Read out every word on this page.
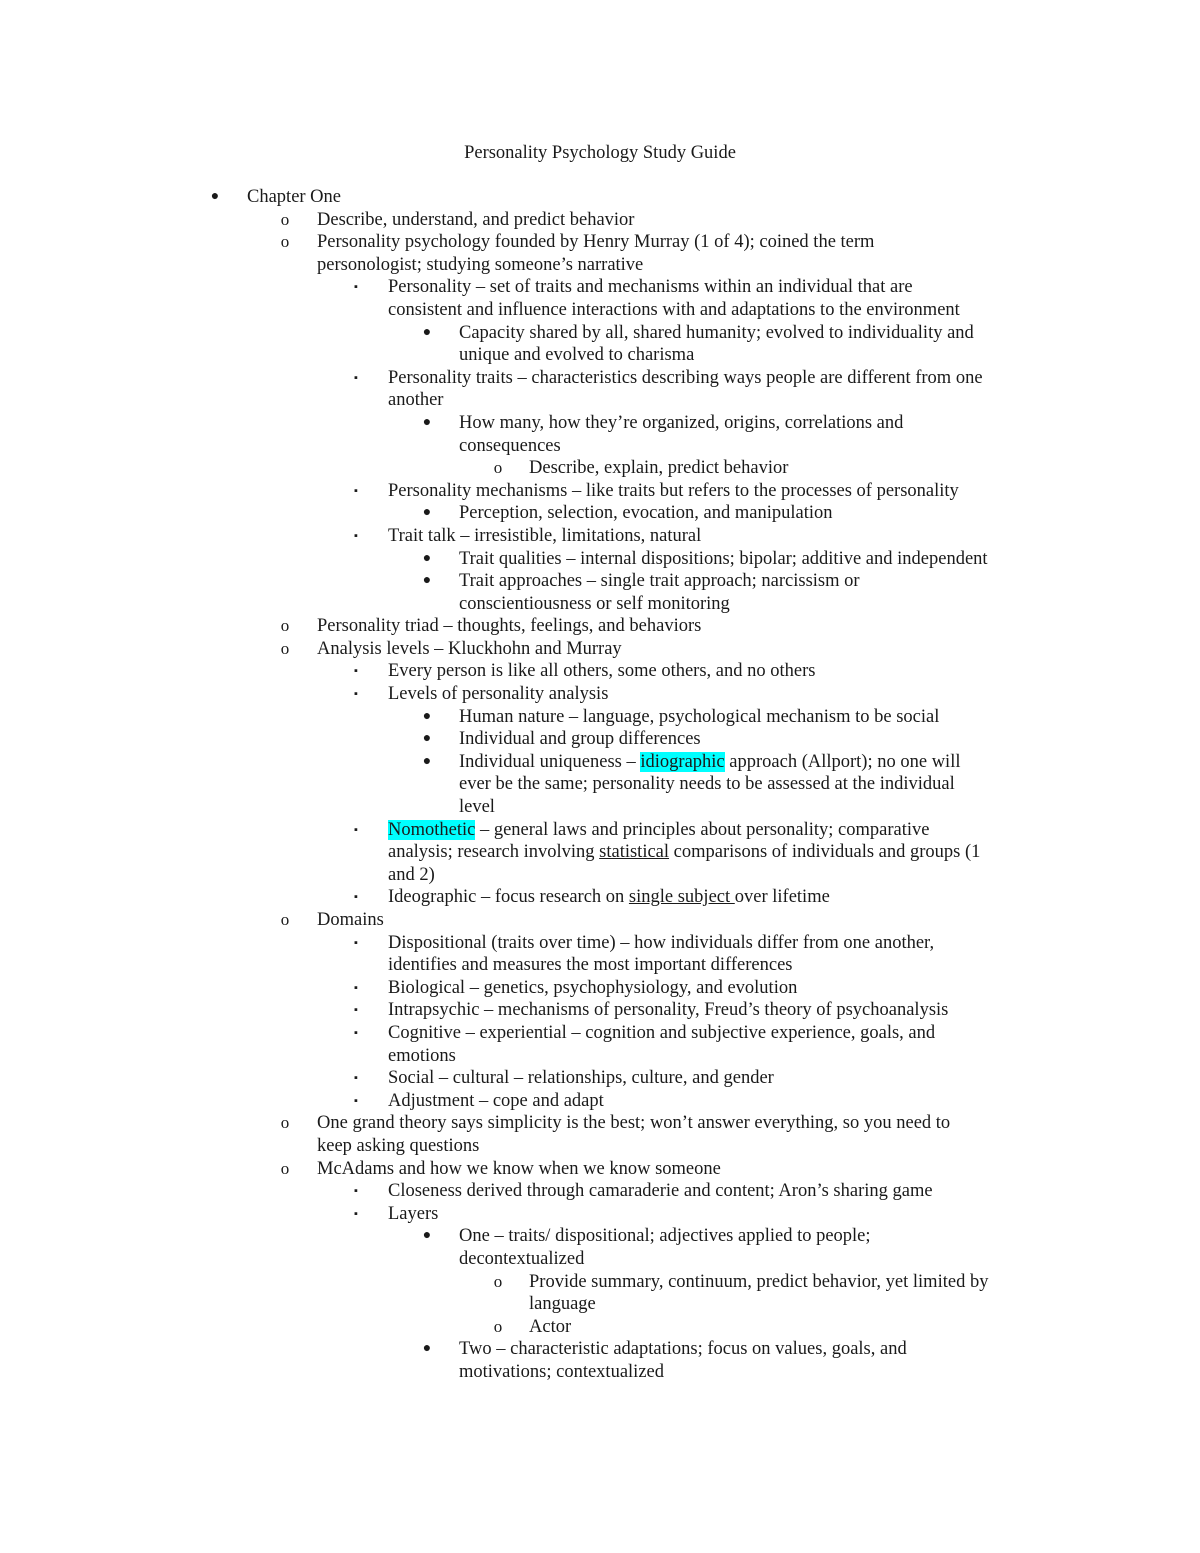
Personality Psychology Study Guide
● Chapter One
o Describe, understand, and predict behavior
o Personality psychology founded by Henry Murray (1 of 4); coined the term
personologist; studying someone’s narrative
▪ Personality – set of traits and mechanisms within an individual that are
consistent and influence interactions with and adaptations to the environment
● Capacity shared by all, shared humanity; evolved to individuality and
unique and evolved to charisma
▪ Personality traits – characteristics describing ways people are different from one
another
● How many, how they’re organized, origins, correlations and
consequences
o Describe, explain, predict behavior
▪ Personality mechanisms – like traits but refers to the processes of personality
● Perception, selection, evocation, and manipulation
▪ Trait talk – irresistible, limitations, natural
● Trait qualities – internal dispositions; bipolar; additive and independent
● Trait approaches – single trait approach; narcissism or
conscientiousness or self monitoring
o Personality triad – thoughts, feelings, and behaviors
o Analysis levels – Kluckhohn and Murray
▪ Every person is like all others, some others, and no others
▪ Levels of personality analysis
● Human nature – language, psychological mechanism to be social
● Individual and group differences
● Individual uniqueness – idiographic approach (Allport); no one will
ever be the same; personality needs to be assessed at the individual
level
▪ Nomothetic – general laws and principles about personality; comparative
analysis; research involving statistical comparisons of individuals and groups (1
and 2)
▪ Ideographic – focus research on single subject over lifetime
o Domains
▪ Dispositional (traits over time) – how individuals differ from one another,
identifies and measures the most important differences
▪ Biological – genetics, psychophysiology, and evolution
▪ Intrapsychic – mechanisms of personality, Freud’s theory of psychoanalysis
▪ Cognitive – experiential – cognition and subjective experience, goals, and
emotions
▪ Social – cultural – relationships, culture, and gender
▪ Adjustment – cope and adapt
o One grand theory says simplicity is the best; won’t answer everything, so you need to
keep asking questions
o McAdams and how we know when we know someone
▪ Closeness derived through camaraderie and content; Aron’s sharing game
▪ Layers
● One – traits/ dispositional; adjectives applied to people;
decontextualized
o Provide summary, continuum, predict behavior, yet limited by
language
o Actor
● Two – characteristic adaptations; focus on values, goals, and
motivations; contextualized
